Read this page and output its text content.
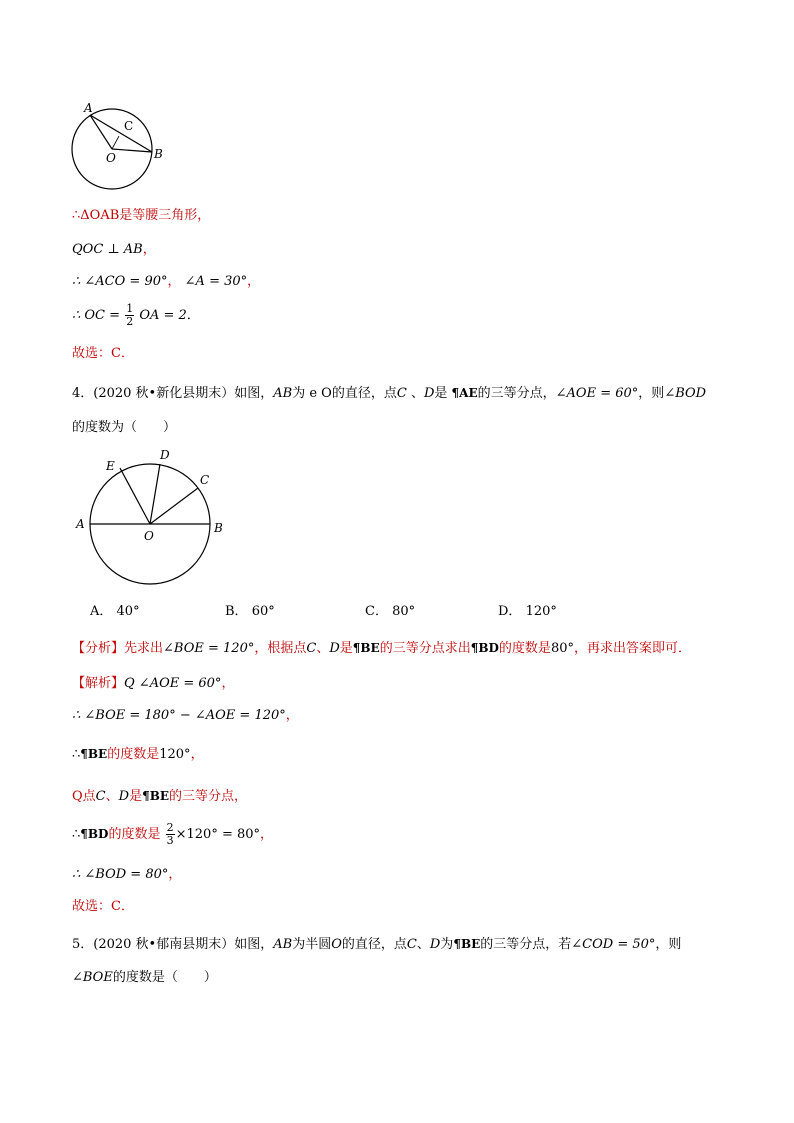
A
C
O	B
∴ΔOAB是等腰三角形，
QOC ⊥ AB，
∴ ∠ACO = 90°， ∠A = 30°，
∴ OC = $\frac{1}{2}$ OA = 2．
故选：C．
4．(2020 秋•新化县期末）如图，AB为 e O的直径，点C 、D是 ¶AE的三等分点，∠AOE = 60°，则∠BOD
的度数为（　　）
E
D
C
A
O
B
A． 40°	B． 60°	C． 80°	D． 120°
【分析】先求出∠BOE = 120°，根据点C、D是¶BE的三等分点求出¶BD的度数是80°，再求出答案即可．
【解析】Q ∠AOE = 60°，
∴ ∠BOE = 180° − ∠AOE = 120°，
∴¶BE的度数是120°，
Q点C、D是¶BE的三等分点，
∴¶BD的度数是 $\frac{2}{3} \times 120^\circ = 80^\circ$，
∴ ∠BOD = 80°，
故选：C．
5．(2020 秋•郁南县期末）如图，AB为半圆O的直径，点C、D为¶BE的三等分点，若∠COD = 50°，则
∠BOE的度数是（　　）
